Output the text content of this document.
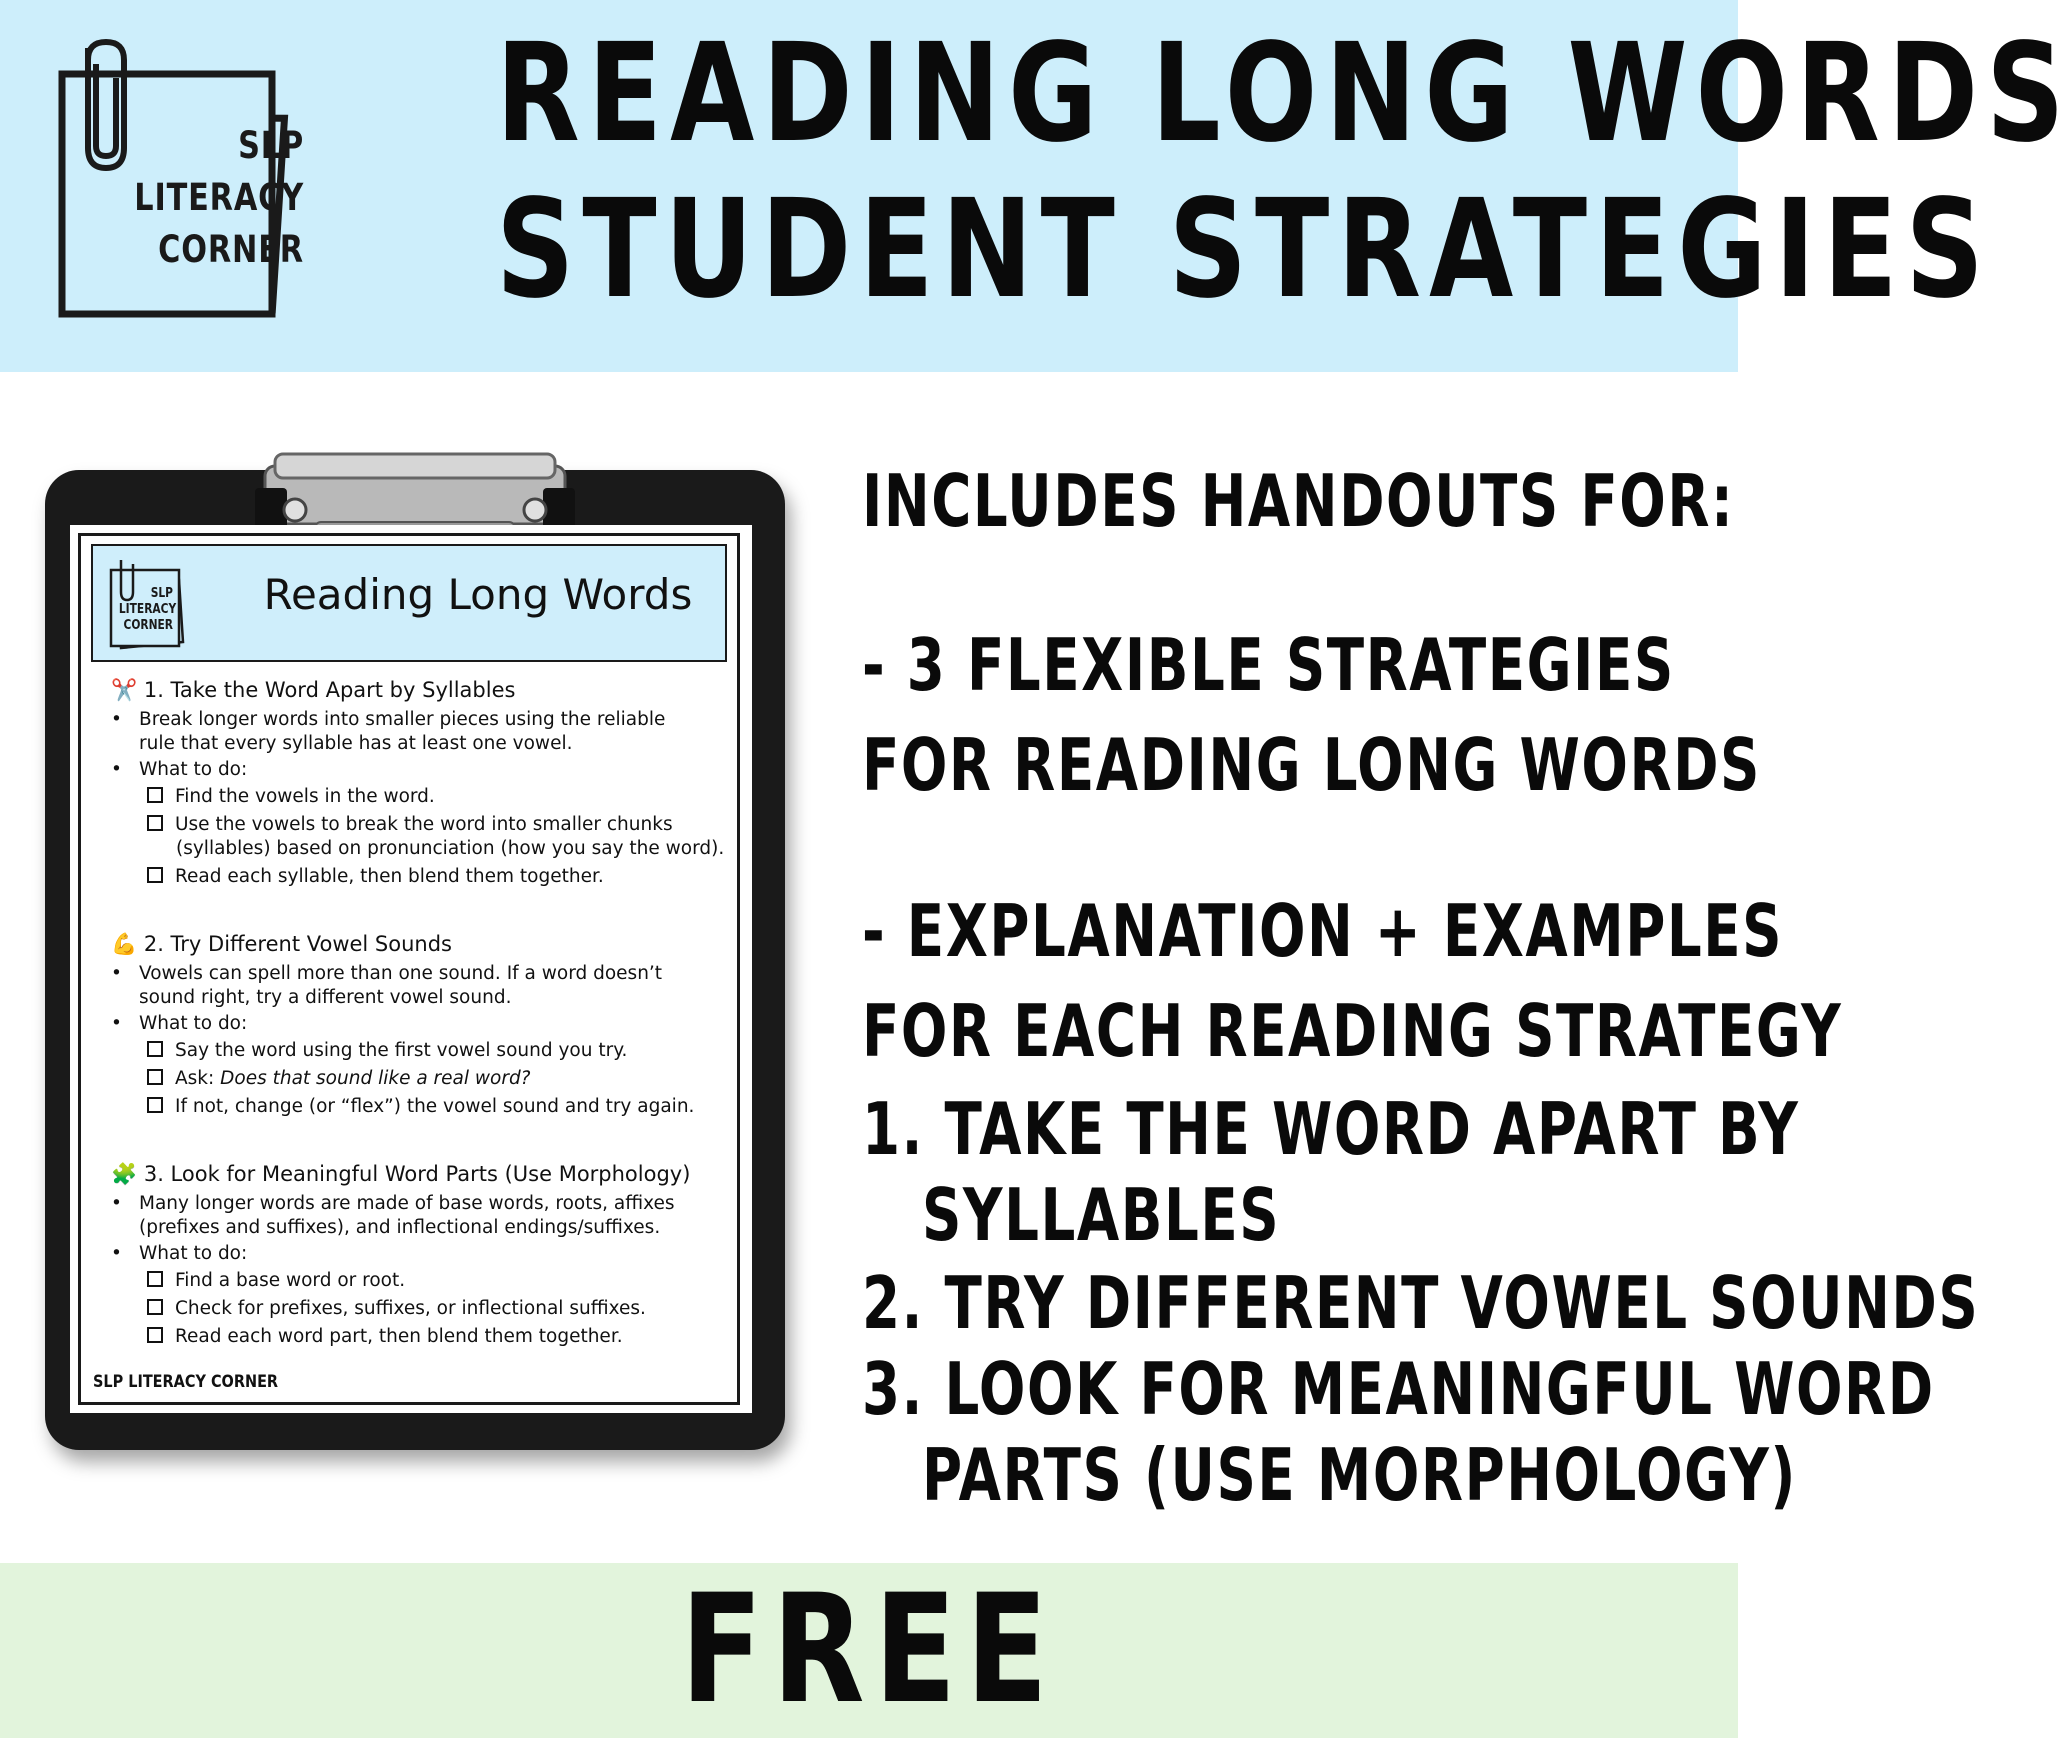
SLP
LITERACY
CORNER
READING LONG WORDS
STUDENT STRATEGIES
SLP
LITERACY
CORNER
Reading Long Words
✂️ 1. Take the Word Apart by Syllables
• Break longer words into smaller pieces using the reliable rule that every syllable has at least one vowel.
• What to do:
Find the vowels in the word.
Use the vowels to break the word into smaller chunks
(syllables) based on pronunciation (how you say the word).
Read each syllable, then blend them together.
💪 2. Try Different Vowel Sounds
• Vowels can spell more than one sound. If a word doesn’t sound right, try a different vowel sound.
• What to do:
Say the word using the first vowel sound you try.
Ask: Does that sound like a real word?
If not, change (or “flex”) the vowel sound and try again.
🧩 3. Look for Meaningful Word Parts (Use Morphology)
• Many longer words are made of base words, roots, affixes (prefixes and suffixes), and inflectional endings/suffixes.
• What to do:
Find a base word or root.
Check for prefixes, suffixes, or inflectional suffixes.
Read each word part, then blend them together.
SLP LITERACY CORNER
INCLUDES HANDOUTS FOR:
- 3 FLEXIBLE STRATEGIES
FOR READING LONG WORDS
- EXPLANATION + EXAMPLES
FOR EACH READING STRATEGY
1. TAKE THE WORD APART BY
SYLLABLES
2. TRY DIFFERENT VOWEL SOUNDS
3. LOOK FOR MEANINGFUL WORD
PARTS (USE MORPHOLOGY)
FREE
